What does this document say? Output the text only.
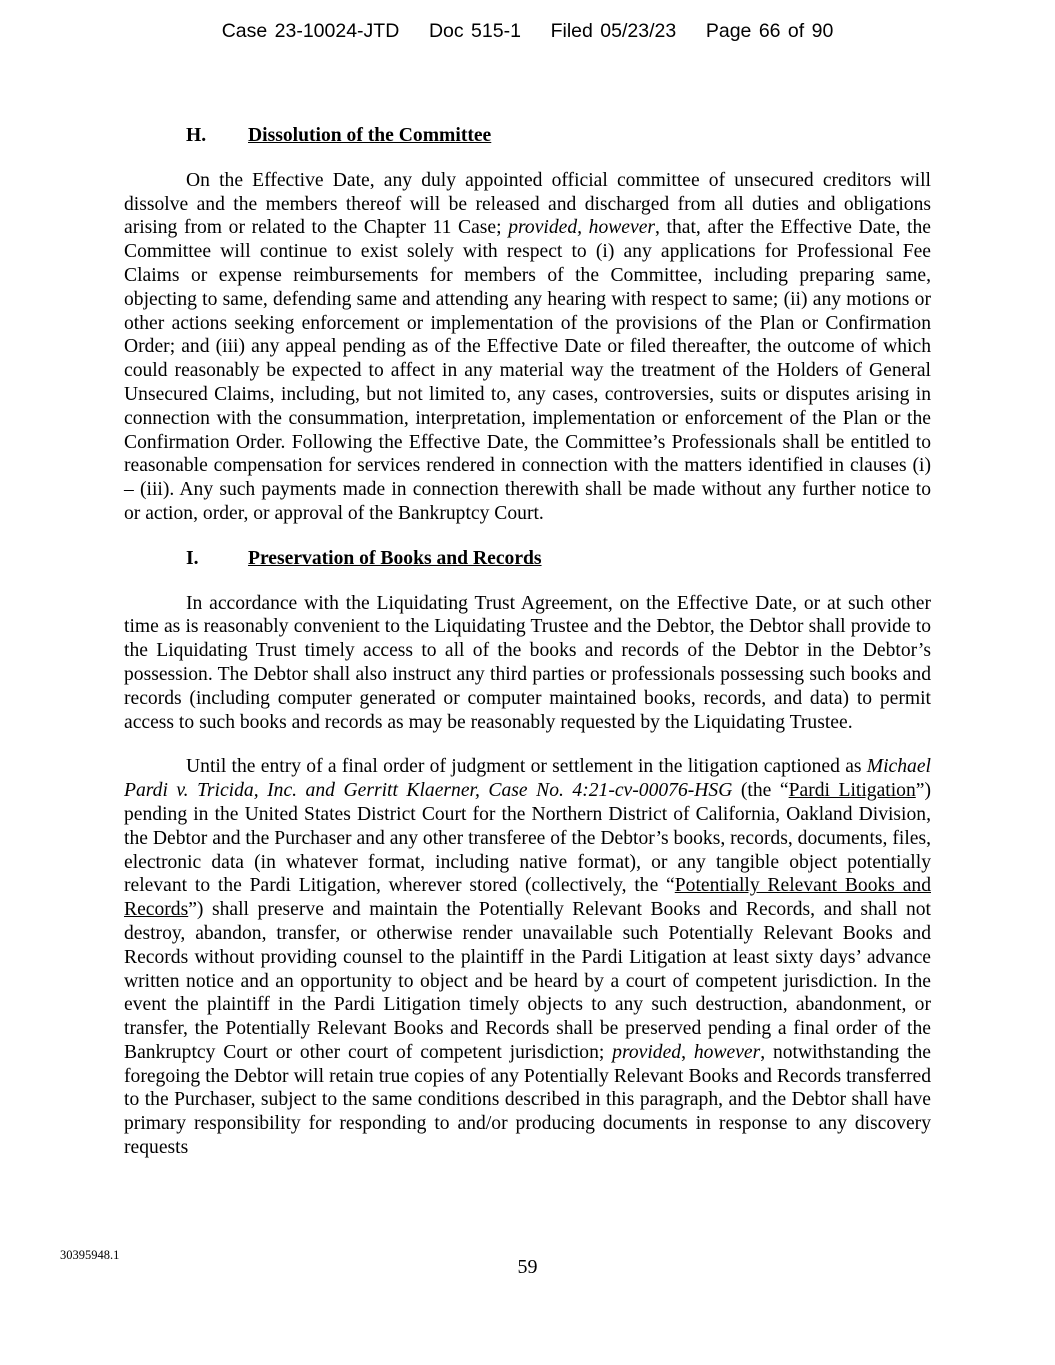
Case 23-10024-JTD    Doc 515-1    Filed 05/23/23    Page 66 of 90
H. Dissolution of the Committee

On the Effective Date, any duly appointed official committee of unsecured creditors will dissolve and the members thereof will be released and discharged from all duties and obligations arising from or related to the Chapter 11 Case; provided, however, that, after the Effective Date, the Committee will continue to exist solely with respect to (i) any applications for Professional Fee Claims or expense reimbursements for members of the Committee, including preparing same, objecting to same, defending same and attending any hearing with respect to same; (ii) any motions or other actions seeking enforcement or implementation of the provisions of the Plan or Confirmation Order; and (iii) any appeal pending as of the Effective Date or filed thereafter, the outcome of which could reasonably be expected to affect in any material way the treatment of the Holders of General Unsecured Claims, including, but not limited to, any cases, controversies, suits or disputes arising in connection with the consummation, interpretation, implementation or enforcement of the Plan or the Confirmation Order. Following the Effective Date, the Committee’s Professionals shall be entitled to reasonable compensation for services rendered in connection with the matters identified in clauses (i) – (iii). Any such payments made in connection therewith shall be made without any further notice to or action, order, or approval of the Bankruptcy Court.

I.	Preservation of Books and Records

In accordance with the Liquidating Trust Agreement, on the Effective Date, or at such other time as is reasonably convenient to the Liquidating Trustee and the Debtor, the Debtor shall provide to the Liquidating Trust timely access to all of the books and records of the Debtor in the Debtor’s possession. The Debtor shall also instruct any third parties or professionals possessing such books and records (including computer generated or computer maintained books, records, and data) to permit access to such books and records as may be reasonably requested by the Liquidating Trustee.

Until the entry of a final order of judgment or settlement in the litigation captioned as Michael Pardi v. Tricida, Inc. and Gerritt Klaerner, Case No. 4:21-cv-00076-HSG (the “Pardi Litigation”) pending in the United States District Court for the Northern District of California, Oakland Division, the Debtor and the Purchaser and any other transferee of the Debtor’s books, records, documents, files, electronic data (in whatever format, including native format), or any tangible object potentially relevant to the Pardi Litigation, wherever stored (collectively, the “Potentially Relevant Books and Records”) shall preserve and maintain the Potentially Relevant Books and Records, and shall not destroy, abandon, transfer, or otherwise render unavailable such Potentially Relevant Books and Records without providing counsel to the plaintiff in the Pardi Litigation at least sixty days’ advance written notice and an opportunity to object and be heard by a court of competent jurisdiction. In the event the plaintiff in the Pardi Litigation timely objects to any such destruction, abandonment, or transfer, the Potentially Relevant Books and Records shall be preserved pending a final order of the Bankruptcy Court or other court of competent jurisdiction; provided, however, notwithstanding the foregoing the Debtor will retain true copies of any Potentially Relevant Books and Records transferred to the Purchaser, subject to the same conditions described in this paragraph, and the Debtor shall have primary responsibility for responding to and/or producing documents in response to any discovery requests

30395948.1
59
